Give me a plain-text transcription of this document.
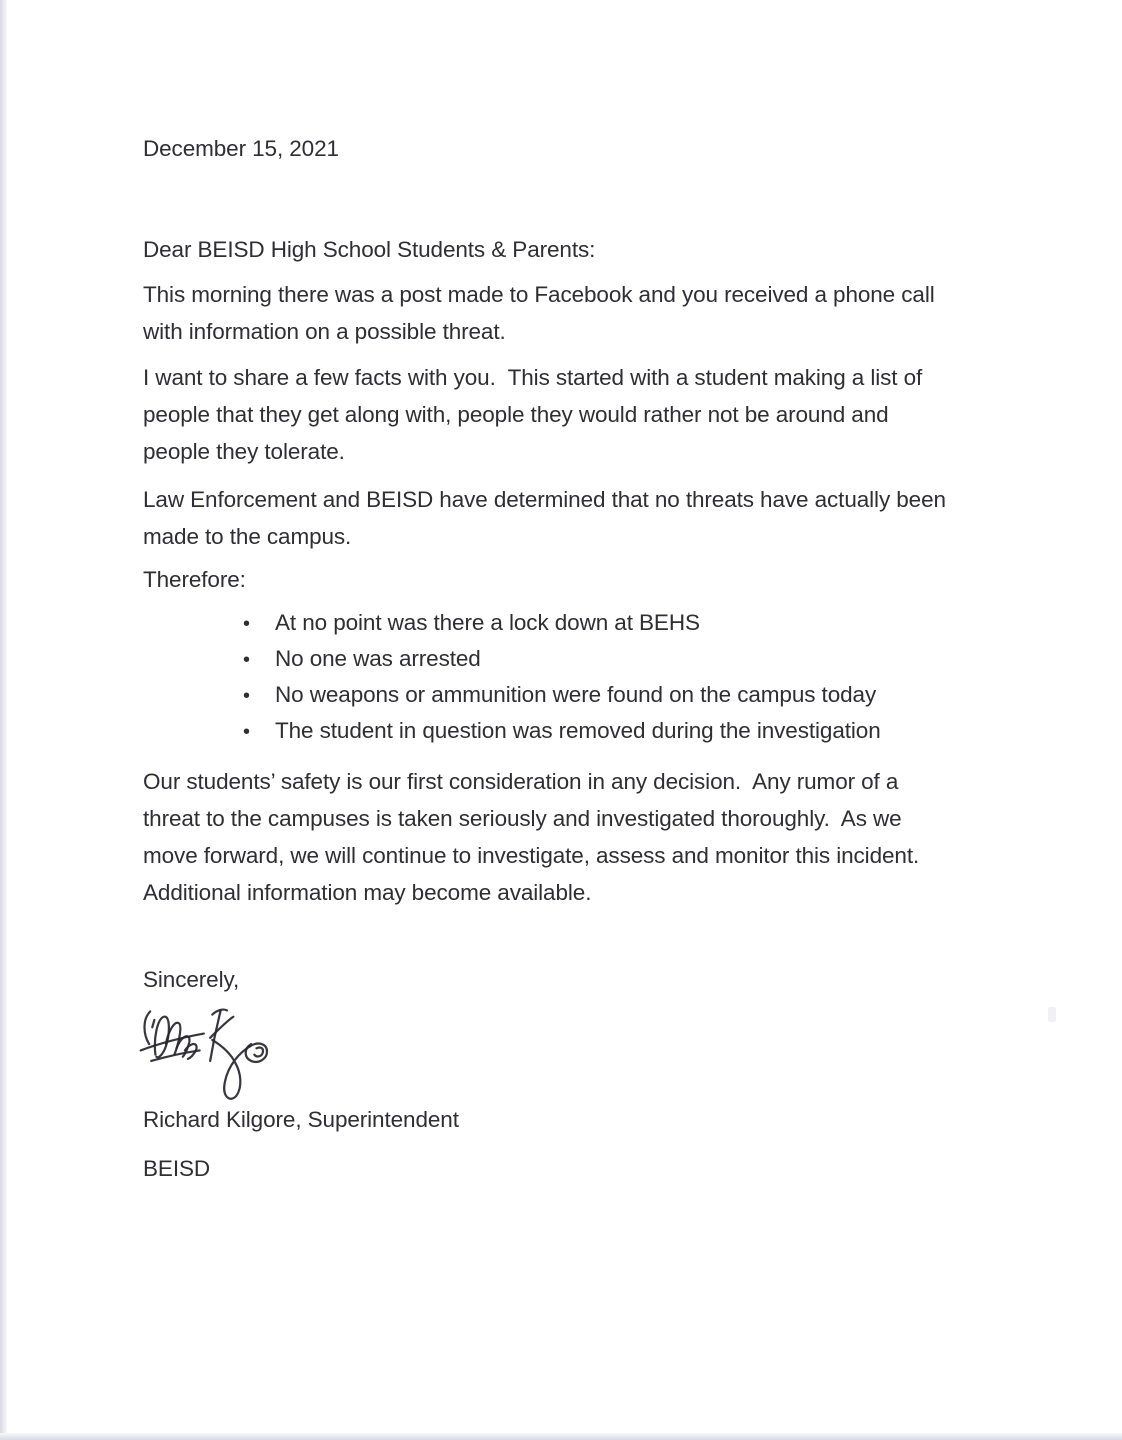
December 15, 2021
Dear BEISD High School Students & Parents:
This morning there was a post made to Facebook and you received a phone call
with information on a possible threat.
I want to share a few facts with you.  This started with a student making a list of
people that they get along with, people they would rather not be around and
people they tolerate.
Law Enforcement and BEISD have determined that no threats have actually been
made to the campus.
Therefore:
•	At no point was there a lock down at BEHS
•	No one was arrested
•	No weapons or ammunition were found on the campus today
•	The student in question was removed during the investigation
Our students’ safety is our first consideration in any decision.  Any rumor of a
threat to the campuses is taken seriously and investigated thoroughly.  As we
move forward, we will continue to investigate, assess and monitor this incident.
Additional information may become available.
Sincerely,
Richard Kilgore, Superintendent
BEISD
